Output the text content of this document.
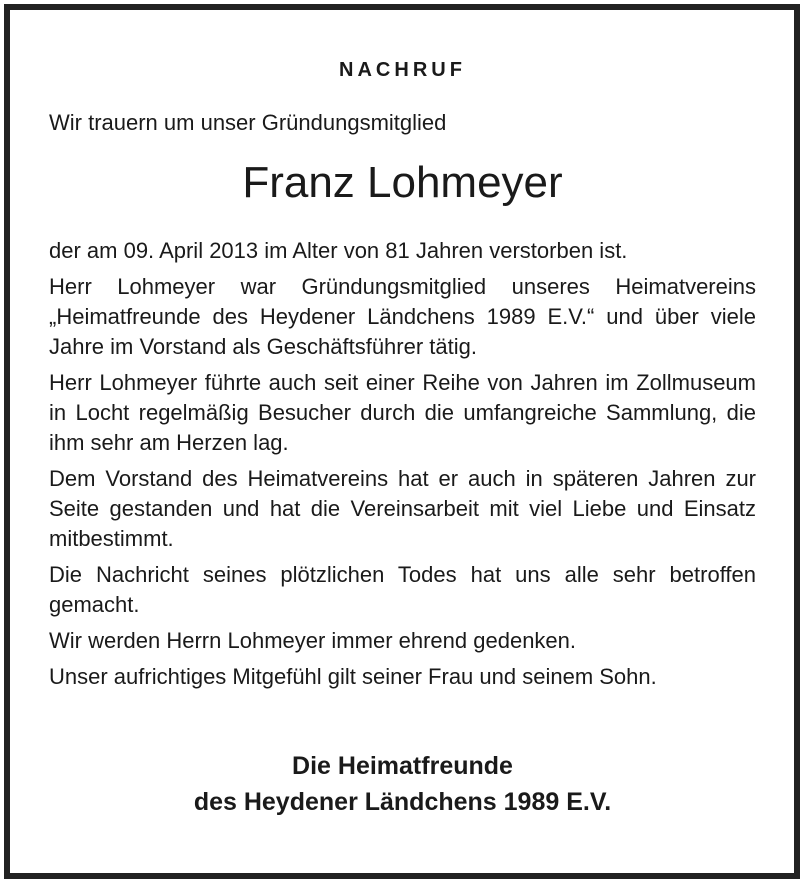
NACHRUF
Wir trauern um unser Gründungsmitglied
Franz Lohmeyer

der am 09. April 2013 im Alter von 81 Jahren verstorben ist.

Herr Lohmeyer war Gründungsmitglied unseres Heimatvereins „Heimatfreunde des Heydener Ländchens 1989 E.V.“ und über viele Jahre im Vorstand als Geschäftsführer tätig.

Herr Lohmeyer führte auch seit einer Reihe von Jahren im Zollmuseum in Locht regelmäßig Besucher durch die umfangreiche Sammlung, die ihm sehr am Herzen lag.

Dem Vorstand des Heimatvereins hat er auch in späteren Jahren zur Seite gestanden und hat die Vereinsarbeit mit viel Liebe und Einsatz mitbestimmt.

Die Nachricht seines plötzlichen Todes hat uns alle sehr betroffen gemacht.

Wir werden Herrn Lohmeyer immer ehrend gedenken.

Unser aufrichtiges Mitgefühl gilt seiner Frau und seinem Sohn.

Die Heimatfreunde
des Heydener Ländchens 1989 E.V.
